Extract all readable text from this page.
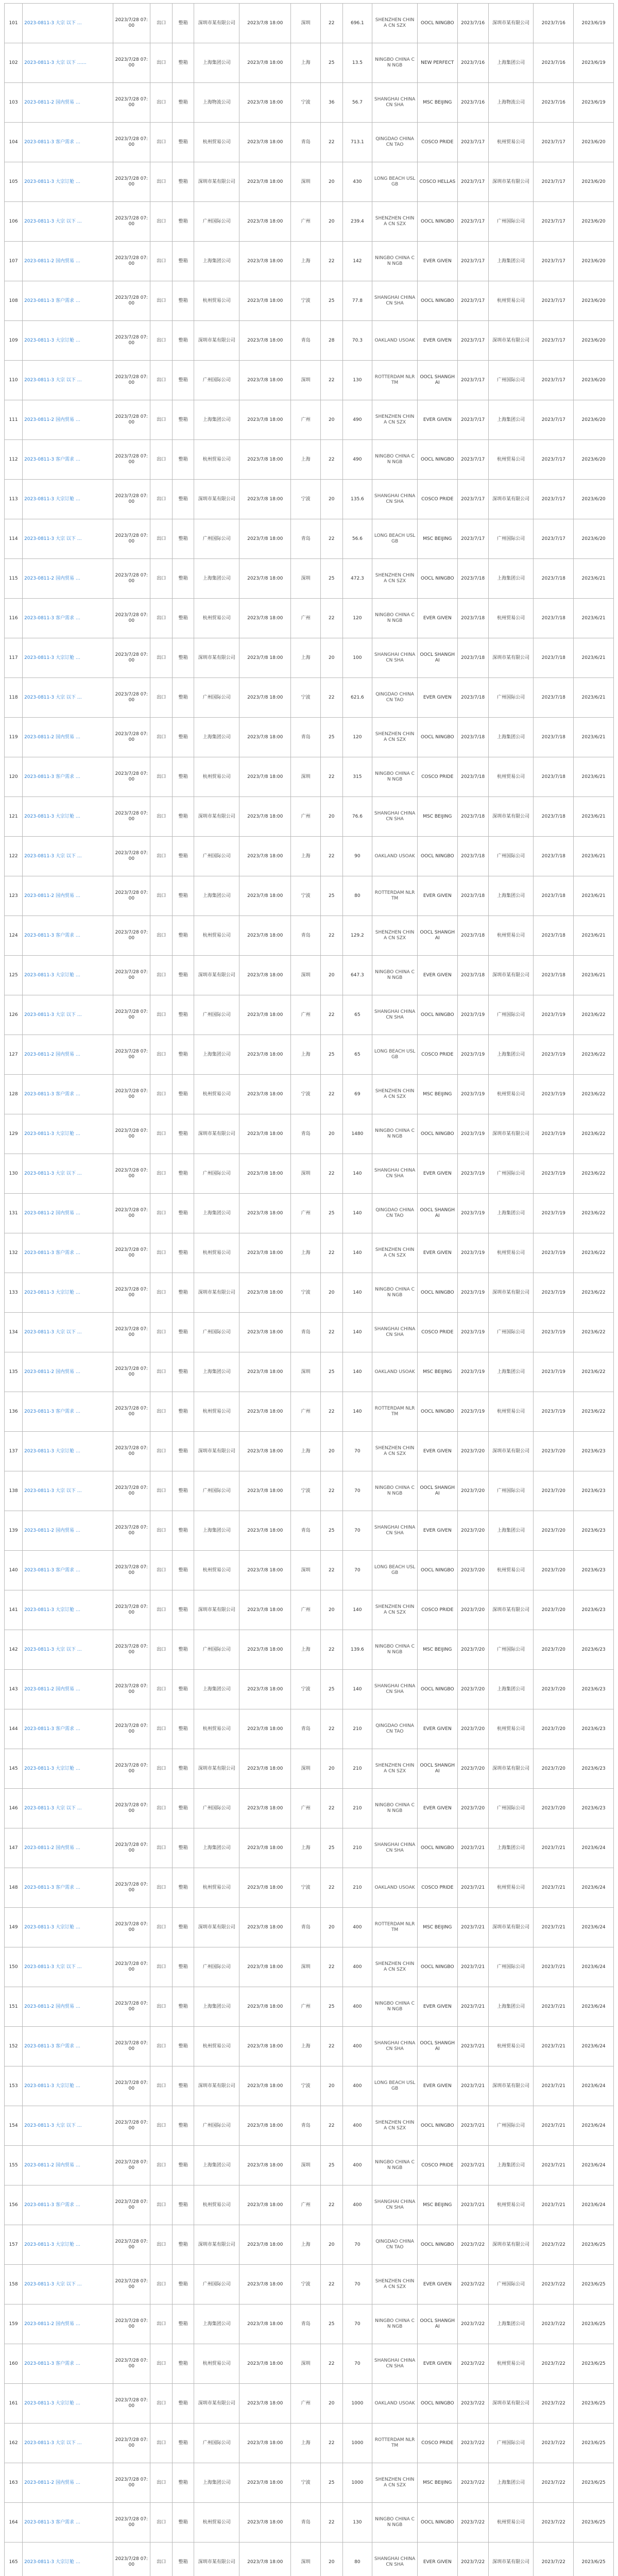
101	2023-0811-3 大宗 以下 …	2023/7/28 07:00	出口	整箱	深圳市某有限公司	2023/7/8 18:00	深圳	22	696.1	SHENZHEN CHINA CN SZX	OOCL NINGBO	2023/7/16	深圳市某有限公司	2023/7/16	2023/6/19
102	2023-0811-3 大宗 以下 ……	2023/7/28 07:00	出口	整箱	上海集团公司	2023/7/8 18:00	上海	25	13.5	NINGBO CHINA CN NGB	NEW PERFECT	2023/7/16	上海集团公司	2023/7/16	2023/6/19
103	2023-0811-2 国内贸易 …	2023/7/28 07:00	出口	整箱	上海物流公司	2023/7/8 18:00	宁波	36	56.7	SHANGHAI CHINA CN SHA	MSC BEIJING	2023/7/16	上海物流公司	2023/7/16	2023/6/19
104	2023-0811-3 客户需求 …	2023/7/28 07:00	出口	整箱	杭州贸易公司	2023/7/8 18:00	青岛	22	713.1	QINGDAO CHINA CN TAO	COSCO PRIDE	2023/7/17	杭州贸易公司	2023/7/17	2023/6/20
105	2023-0811-3 大宗订舱 …	2023/7/28 07:00	出口	整箱	深圳市某有限公司	2023/7/8 18:00	深圳	20	430	LONG BEACH USLGB	COSCO HELLAS	2023/7/17	深圳市某有限公司	2023/7/17	2023/6/20
106	2023-0811-3 大宗 以下 …	2023/7/28 07:00	出口	整箱	广州国际公司	2023/7/8 18:00	广州	20	239.4	SHENZHEN CHINA CN SZX	OOCL NINGBO	2023/7/17	广州国际公司	2023/7/17	2023/6/20
107	2023-0811-2 国内贸易 …	2023/7/28 07:00	出口	整箱	上海集团公司	2023/7/8 18:00	上海	22	142	NINGBO CHINA CN NGB	EVER GIVEN	2023/7/17	上海集团公司	2023/7/17	2023/6/20
108	2023-0811-3 客户需求 …	2023/7/28 07:00	出口	整箱	杭州贸易公司	2023/7/8 18:00	宁波	25	77.8	SHANGHAI CHINA CN SHA	OOCL NINGBO	2023/7/17	杭州贸易公司	2023/7/17	2023/6/20
109	2023-0811-3 大宗订舱 …	2023/7/28 07:00	出口	整箱	深圳市某有限公司	2023/7/8 18:00	青岛	28	70.3	OAKLAND USOAK	EVER GIVEN	2023/7/17	深圳市某有限公司	2023/7/17	2023/6/20
110	2023-0811-3 大宗 以下 …	2023/7/28 07:00	出口	整箱	广州国际公司	2023/7/8 18:00	深圳	22	130	ROTTERDAM NLRTM	OOCL SHANGHAI	2023/7/17	广州国际公司	2023/7/17	2023/6/20
111	2023-0811-2 国内贸易 …	2023/7/28 07:00	出口	整箱	上海集团公司	2023/7/8 18:00	广州	20	490	SHENZHEN CHINA CN SZX	EVER GIVEN	2023/7/17	上海集团公司	2023/7/17	2023/6/20
112	2023-0811-3 客户需求 …	2023/7/28 07:00	出口	整箱	杭州贸易公司	2023/7/8 18:00	上海	22	490	NINGBO CHINA CN NGB	OOCL NINGBO	2023/7/17	杭州贸易公司	2023/7/17	2023/6/20
113	2023-0811-3 大宗订舱 …	2023/7/28 07:00	出口	整箱	深圳市某有限公司	2023/7/8 18:00	宁波	20	135.6	SHANGHAI CHINA CN SHA	COSCO PRIDE	2023/7/17	深圳市某有限公司	2023/7/17	2023/6/20
114	2023-0811-3 大宗 以下 …	2023/7/28 07:00	出口	整箱	广州国际公司	2023/7/8 18:00	青岛	22	56.6	LONG BEACH USLGB	MSC BEIJING	2023/7/17	广州国际公司	2023/7/17	2023/6/20
115	2023-0811-2 国内贸易 …	2023/7/28 07:00	出口	整箱	上海集团公司	2023/7/8 18:00	深圳	25	472.3	SHENZHEN CHINA CN SZX	OOCL NINGBO	2023/7/18	上海集团公司	2023/7/18	2023/6/21
116	2023-0811-3 客户需求 …	2023/7/28 07:00	出口	整箱	杭州贸易公司	2023/7/8 18:00	广州	22	120	NINGBO CHINA CN NGB	EVER GIVEN	2023/7/18	杭州贸易公司	2023/7/18	2023/6/21
117	2023-0811-3 大宗订舱 …	2023/7/28 07:00	出口	整箱	深圳市某有限公司	2023/7/8 18:00	上海	20	100	SHANGHAI CHINA CN SHA	OOCL SHANGHAI	2023/7/18	深圳市某有限公司	2023/7/18	2023/6/21
118	2023-0811-3 大宗 以下 …	2023/7/28 07:00	出口	整箱	广州国际公司	2023/7/8 18:00	宁波	22	621.6	QINGDAO CHINA CN TAO	EVER GIVEN	2023/7/18	广州国际公司	2023/7/18	2023/6/21
119	2023-0811-2 国内贸易 …	2023/7/28 07:00	出口	整箱	上海集团公司	2023/7/8 18:00	青岛	25	120	SHENZHEN CHINA CN SZX	OOCL NINGBO	2023/7/18	上海集团公司	2023/7/18	2023/6/21
120	2023-0811-3 客户需求 …	2023/7/28 07:00	出口	整箱	杭州贸易公司	2023/7/8 18:00	深圳	22	315	NINGBO CHINA CN NGB	COSCO PRIDE	2023/7/18	杭州贸易公司	2023/7/18	2023/6/21
121	2023-0811-3 大宗订舱 …	2023/7/28 07:00	出口	整箱	深圳市某有限公司	2023/7/8 18:00	广州	20	76.6	SHANGHAI CHINA CN SHA	MSC BEIJING	2023/7/18	深圳市某有限公司	2023/7/18	2023/6/21
122	2023-0811-3 大宗 以下 …	2023/7/28 07:00	出口	整箱	广州国际公司	2023/7/8 18:00	上海	22	90	OAKLAND USOAK	OOCL NINGBO	2023/7/18	广州国际公司	2023/7/18	2023/6/21
123	2023-0811-2 国内贸易 …	2023/7/28 07:00	出口	整箱	上海集团公司	2023/7/8 18:00	宁波	25	80	ROTTERDAM NLRTM	EVER GIVEN	2023/7/18	上海集团公司	2023/7/18	2023/6/21
124	2023-0811-3 客户需求 …	2023/7/28 07:00	出口	整箱	杭州贸易公司	2023/7/8 18:00	青岛	22	129.2	SHENZHEN CHINA CN SZX	OOCL SHANGHAI	2023/7/18	杭州贸易公司	2023/7/18	2023/6/21
125	2023-0811-3 大宗订舱 …	2023/7/28 07:00	出口	整箱	深圳市某有限公司	2023/7/8 18:00	深圳	20	647.3	NINGBO CHINA CN NGB	EVER GIVEN	2023/7/18	深圳市某有限公司	2023/7/18	2023/6/21
126	2023-0811-3 大宗 以下 …	2023/7/28 07:00	出口	整箱	广州国际公司	2023/7/8 18:00	广州	22	65	SHANGHAI CHINA CN SHA	OOCL NINGBO	2023/7/19	广州国际公司	2023/7/19	2023/6/22
127	2023-0811-2 国内贸易 …	2023/7/28 07:00	出口	整箱	上海集团公司	2023/7/8 18:00	上海	25	65	LONG BEACH USLGB	COSCO PRIDE	2023/7/19	上海集团公司	2023/7/19	2023/6/22
128	2023-0811-3 客户需求 …	2023/7/28 07:00	出口	整箱	杭州贸易公司	2023/7/8 18:00	宁波	22	69	SHENZHEN CHINA CN SZX	MSC BEIJING	2023/7/19	杭州贸易公司	2023/7/19	2023/6/22
129	2023-0811-3 大宗订舱 …	2023/7/28 07:00	出口	整箱	深圳市某有限公司	2023/7/8 18:00	青岛	20	1480	NINGBO CHINA CN NGB	OOCL NINGBO	2023/7/19	深圳市某有限公司	2023/7/19	2023/6/22
130	2023-0811-3 大宗 以下 …	2023/7/28 07:00	出口	整箱	广州国际公司	2023/7/8 18:00	深圳	22	140	SHANGHAI CHINA CN SHA	EVER GIVEN	2023/7/19	广州国际公司	2023/7/19	2023/6/22
131	2023-0811-2 国内贸易 …	2023/7/28 07:00	出口	整箱	上海集团公司	2023/7/8 18:00	广州	25	140	QINGDAO CHINA CN TAO	OOCL SHANGHAI	2023/7/19	上海集团公司	2023/7/19	2023/6/22
132	2023-0811-3 客户需求 …	2023/7/28 07:00	出口	整箱	杭州贸易公司	2023/7/8 18:00	上海	22	140	SHENZHEN CHINA CN SZX	EVER GIVEN	2023/7/19	杭州贸易公司	2023/7/19	2023/6/22
133	2023-0811-3 大宗订舱 …	2023/7/28 07:00	出口	整箱	深圳市某有限公司	2023/7/8 18:00	宁波	20	140	NINGBO CHINA CN NGB	OOCL NINGBO	2023/7/19	深圳市某有限公司	2023/7/19	2023/6/22
134	2023-0811-3 大宗 以下 …	2023/7/28 07:00	出口	整箱	广州国际公司	2023/7/8 18:00	青岛	22	140	SHANGHAI CHINA CN SHA	COSCO PRIDE	2023/7/19	广州国际公司	2023/7/19	2023/6/22
135	2023-0811-2 国内贸易 …	2023/7/28 07:00	出口	整箱	上海集团公司	2023/7/8 18:00	深圳	25	140	OAKLAND USOAK	MSC BEIJING	2023/7/19	上海集团公司	2023/7/19	2023/6/22
136	2023-0811-3 客户需求 …	2023/7/28 07:00	出口	整箱	杭州贸易公司	2023/7/8 18:00	广州	22	140	ROTTERDAM NLRTM	OOCL NINGBO	2023/7/19	杭州贸易公司	2023/7/19	2023/6/22
137	2023-0811-3 大宗订舱 …	2023/7/28 07:00	出口	整箱	深圳市某有限公司	2023/7/8 18:00	上海	20	70	SHENZHEN CHINA CN SZX	EVER GIVEN	2023/7/20	深圳市某有限公司	2023/7/20	2023/6/23
138	2023-0811-3 大宗 以下 …	2023/7/28 07:00	出口	整箱	广州国际公司	2023/7/8 18:00	宁波	22	70	NINGBO CHINA CN NGB	OOCL SHANGHAI	2023/7/20	广州国际公司	2023/7/20	2023/6/23
139	2023-0811-2 国内贸易 …	2023/7/28 07:00	出口	整箱	上海集团公司	2023/7/8 18:00	青岛	25	70	SHANGHAI CHINA CN SHA	EVER GIVEN	2023/7/20	上海集团公司	2023/7/20	2023/6/23
140	2023-0811-3 客户需求 …	2023/7/28 07:00	出口	整箱	杭州贸易公司	2023/7/8 18:00	深圳	22	70	LONG BEACH USLGB	OOCL NINGBO	2023/7/20	杭州贸易公司	2023/7/20	2023/6/23
141	2023-0811-3 大宗订舱 …	2023/7/28 07:00	出口	整箱	深圳市某有限公司	2023/7/8 18:00	广州	20	140	SHENZHEN CHINA CN SZX	COSCO PRIDE	2023/7/20	深圳市某有限公司	2023/7/20	2023/6/23
142	2023-0811-3 大宗 以下 …	2023/7/28 07:00	出口	整箱	广州国际公司	2023/7/8 18:00	上海	22	139.6	NINGBO CHINA CN NGB	MSC BEIJING	2023/7/20	广州国际公司	2023/7/20	2023/6/23
143	2023-0811-2 国内贸易 …	2023/7/28 07:00	出口	整箱	上海集团公司	2023/7/8 18:00	宁波	25	140	SHANGHAI CHINA CN SHA	OOCL NINGBO	2023/7/20	上海集团公司	2023/7/20	2023/6/23
144	2023-0811-3 客户需求 …	2023/7/28 07:00	出口	整箱	杭州贸易公司	2023/7/8 18:00	青岛	22	210	QINGDAO CHINA CN TAO	EVER GIVEN	2023/7/20	杭州贸易公司	2023/7/20	2023/6/23
145	2023-0811-3 大宗订舱 …	2023/7/28 07:00	出口	整箱	深圳市某有限公司	2023/7/8 18:00	深圳	20	210	SHENZHEN CHINA CN SZX	OOCL SHANGHAI	2023/7/20	深圳市某有限公司	2023/7/20	2023/6/23
146	2023-0811-3 大宗 以下 …	2023/7/28 07:00	出口	整箱	广州国际公司	2023/7/8 18:00	广州	22	210	NINGBO CHINA CN NGB	EVER GIVEN	2023/7/20	广州国际公司	2023/7/20	2023/6/23
147	2023-0811-2 国内贸易 …	2023/7/28 07:00	出口	整箱	上海集团公司	2023/7/8 18:00	上海	25	210	SHANGHAI CHINA CN SHA	OOCL NINGBO	2023/7/21	上海集团公司	2023/7/21	2023/6/24
148	2023-0811-3 客户需求 …	2023/7/28 07:00	出口	整箱	杭州贸易公司	2023/7/8 18:00	宁波	22	210	OAKLAND USOAK	COSCO PRIDE	2023/7/21	杭州贸易公司	2023/7/21	2023/6/24
149	2023-0811-3 大宗订舱 …	2023/7/28 07:00	出口	整箱	深圳市某有限公司	2023/7/8 18:00	青岛	20	400	ROTTERDAM NLRTM	MSC BEIJING	2023/7/21	深圳市某有限公司	2023/7/21	2023/6/24
150	2023-0811-3 大宗 以下 …	2023/7/28 07:00	出口	整箱	广州国际公司	2023/7/8 18:00	深圳	22	400	SHENZHEN CHINA CN SZX	OOCL NINGBO	2023/7/21	广州国际公司	2023/7/21	2023/6/24
151	2023-0811-2 国内贸易 …	2023/7/28 07:00	出口	整箱	上海集团公司	2023/7/8 18:00	广州	25	400	NINGBO CHINA CN NGB	EVER GIVEN	2023/7/21	上海集团公司	2023/7/21	2023/6/24
152	2023-0811-3 客户需求 …	2023/7/28 07:00	出口	整箱	杭州贸易公司	2023/7/8 18:00	上海	22	400	SHANGHAI CHINA CN SHA	OOCL SHANGHAI	2023/7/21	杭州贸易公司	2023/7/21	2023/6/24
153	2023-0811-3 大宗订舱 …	2023/7/28 07:00	出口	整箱	深圳市某有限公司	2023/7/8 18:00	宁波	20	400	LONG BEACH USLGB	EVER GIVEN	2023/7/21	深圳市某有限公司	2023/7/21	2023/6/24
154	2023-0811-3 大宗 以下 …	2023/7/28 07:00	出口	整箱	广州国际公司	2023/7/8 18:00	青岛	22	400	SHENZHEN CHINA CN SZX	OOCL NINGBO	2023/7/21	广州国际公司	2023/7/21	2023/6/24
155	2023-0811-2 国内贸易 …	2023/7/28 07:00	出口	整箱	上海集团公司	2023/7/8 18:00	深圳	25	400	NINGBO CHINA CN NGB	COSCO PRIDE	2023/7/21	上海集团公司	2023/7/21	2023/6/24
156	2023-0811-3 客户需求 …	2023/7/28 07:00	出口	整箱	杭州贸易公司	2023/7/8 18:00	广州	22	400	SHANGHAI CHINA CN SHA	MSC BEIJING	2023/7/21	杭州贸易公司	2023/7/21	2023/6/24
157	2023-0811-3 大宗订舱 …	2023/7/28 07:00	出口	整箱	深圳市某有限公司	2023/7/8 18:00	上海	20	70	QINGDAO CHINA CN TAO	OOCL NINGBO	2023/7/22	深圳市某有限公司	2023/7/22	2023/6/25
158	2023-0811-3 大宗 以下 …	2023/7/28 07:00	出口	整箱	广州国际公司	2023/7/8 18:00	宁波	22	70	SHENZHEN CHINA CN SZX	EVER GIVEN	2023/7/22	广州国际公司	2023/7/22	2023/6/25
159	2023-0811-2 国内贸易 …	2023/7/28 07:00	出口	整箱	上海集团公司	2023/7/8 18:00	青岛	25	70	NINGBO CHINA CN NGB	OOCL SHANGHAI	2023/7/22	上海集团公司	2023/7/22	2023/6/25
160	2023-0811-3 客户需求 …	2023/7/28 07:00	出口	整箱	杭州贸易公司	2023/7/8 18:00	深圳	22	70	SHANGHAI CHINA CN SHA	EVER GIVEN	2023/7/22	杭州贸易公司	2023/7/22	2023/6/25
161	2023-0811-3 大宗订舱 …	2023/7/28 07:00	出口	整箱	深圳市某有限公司	2023/7/8 18:00	广州	20	1000	OAKLAND USOAK	OOCL NINGBO	2023/7/22	深圳市某有限公司	2023/7/22	2023/6/25
162	2023-0811-3 大宗 以下 …	2023/7/28 07:00	出口	整箱	广州国际公司	2023/7/8 18:00	上海	22	1000	ROTTERDAM NLRTM	COSCO PRIDE	2023/7/22	广州国际公司	2023/7/22	2023/6/25
163	2023-0811-2 国内贸易 …	2023/7/28 07:00	出口	整箱	上海集团公司	2023/7/8 18:00	宁波	25	1000	SHENZHEN CHINA CN SZX	MSC BEIJING	2023/7/22	上海集团公司	2023/7/22	2023/6/25
164	2023-0811-3 客户需求 …	2023/7/28 07:00	出口	整箱	杭州贸易公司	2023/7/8 18:00	青岛	22	130	NINGBO CHINA CN NGB	OOCL NINGBO	2023/7/22	杭州贸易公司	2023/7/22	2023/6/25
165	2023-0811-3 大宗订舱 …	2023/7/28 07:00	出口	整箱	深圳市某有限公司	2023/7/8 18:00	深圳	20	80	SHANGHAI CHINA CN SHA	EVER GIVEN	2023/7/22	深圳市某有限公司	2023/7/22	2023/6/25
